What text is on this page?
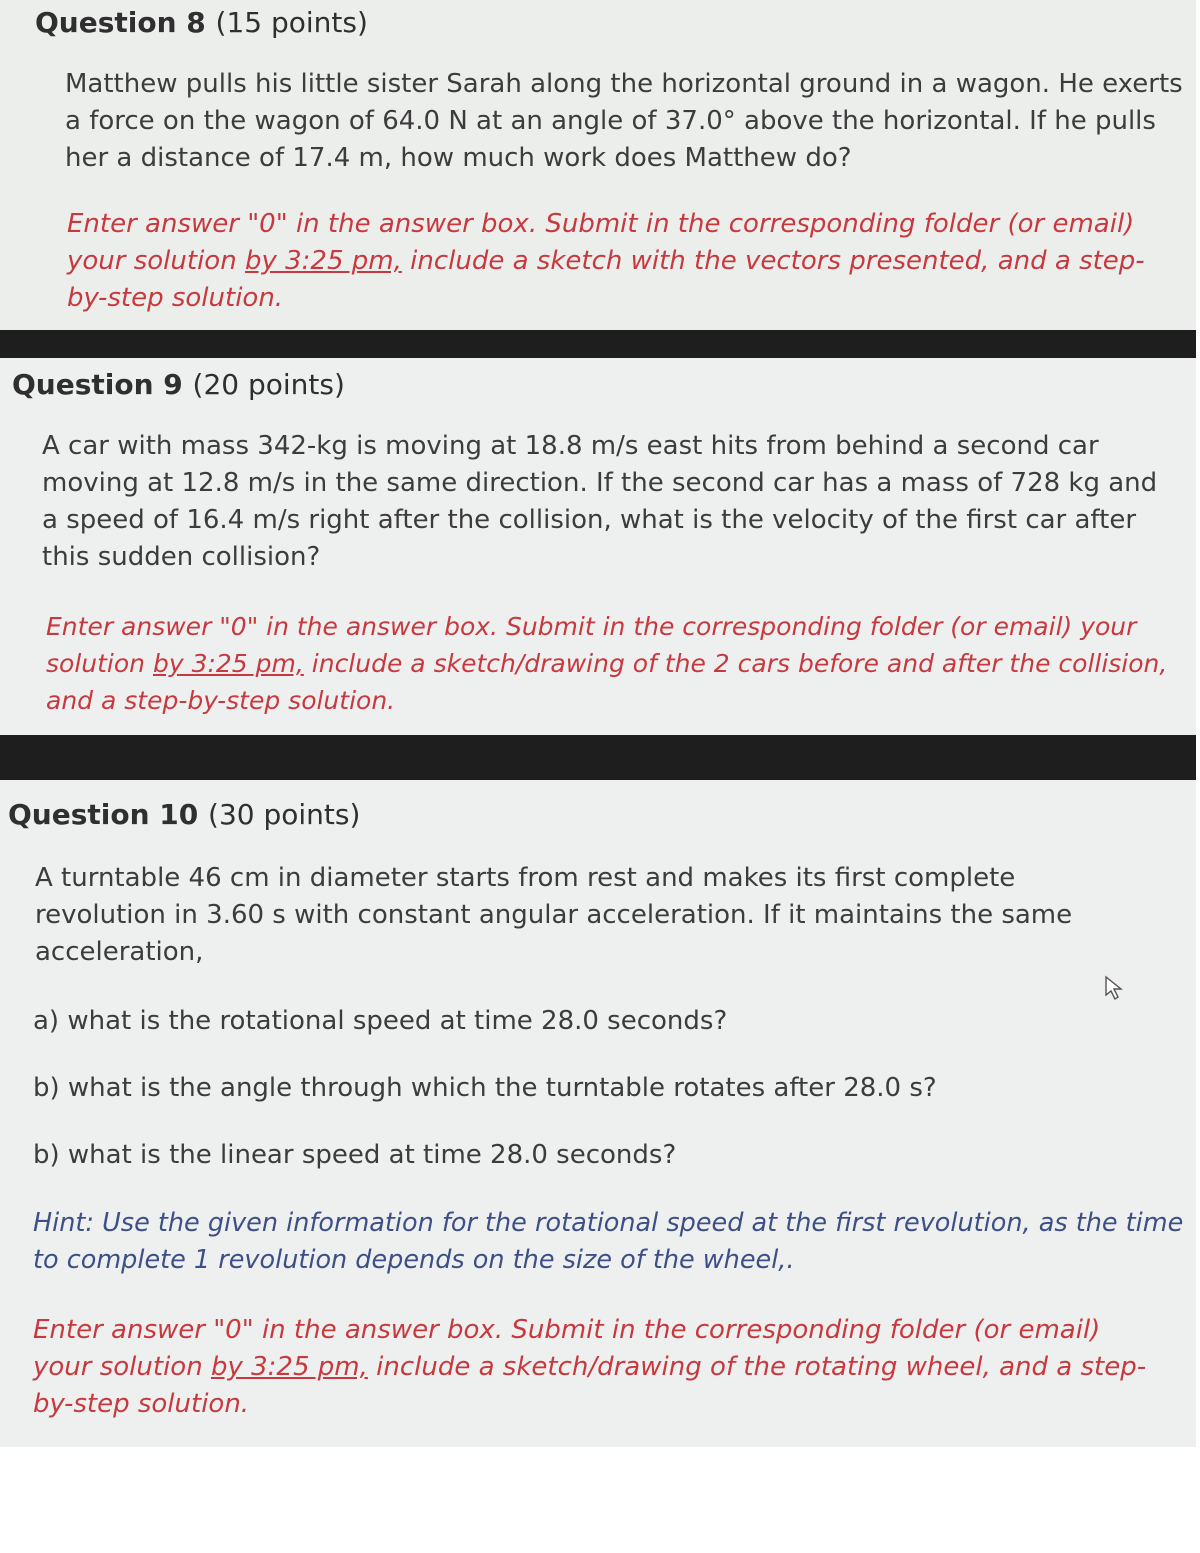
Question 8 (15 points)
Matthew pulls his little sister Sarah along the horizontal ground in a wagon. He exerts a force on the wagon of 64.0 N at an angle of 37.0° above the horizontal. If he pulls her a distance of 17.4 m, how much work does Matthew do?
Enter answer "0" in the answer box. Submit in the corresponding folder (or email) your solution by 3:25 pm, include a sketch with the vectors presented, and a step-by-step solution.
Question 9 (20 points)
A car with mass 342-kg is moving at 18.8 m/s east hits from behind a second car moving at 12.8 m/s in the same direction. If the second car has a mass of 728 kg and a speed of 16.4 m/s right after the collision, what is the velocity of the first car after this sudden collision?
Enter answer "0" in the answer box. Submit in the corresponding folder (or email) your solution by 3:25 pm, include a sketch/drawing of the 2 cars before and after the collision, and a step-by-step solution.
Question 10 (30 points)
A turntable 46 cm in diameter starts from rest and makes its first complete revolution in 3.60 s with constant angular acceleration. If it maintains the same acceleration,
a) what is the rotational speed at time 28.0 seconds?
b) what is the angle through which the turntable rotates after 28.0 s?
b) what is the linear speed at time 28.0 seconds?
Hint: Use the given information for the rotational speed at the first revolution, as the time to complete 1 revolution depends on the size of the wheel,.
Enter answer "0" in the answer box. Submit in the corresponding folder (or email) your solution by 3:25 pm, include a sketch/drawing of the rotating wheel, and a step-by-step solution.
